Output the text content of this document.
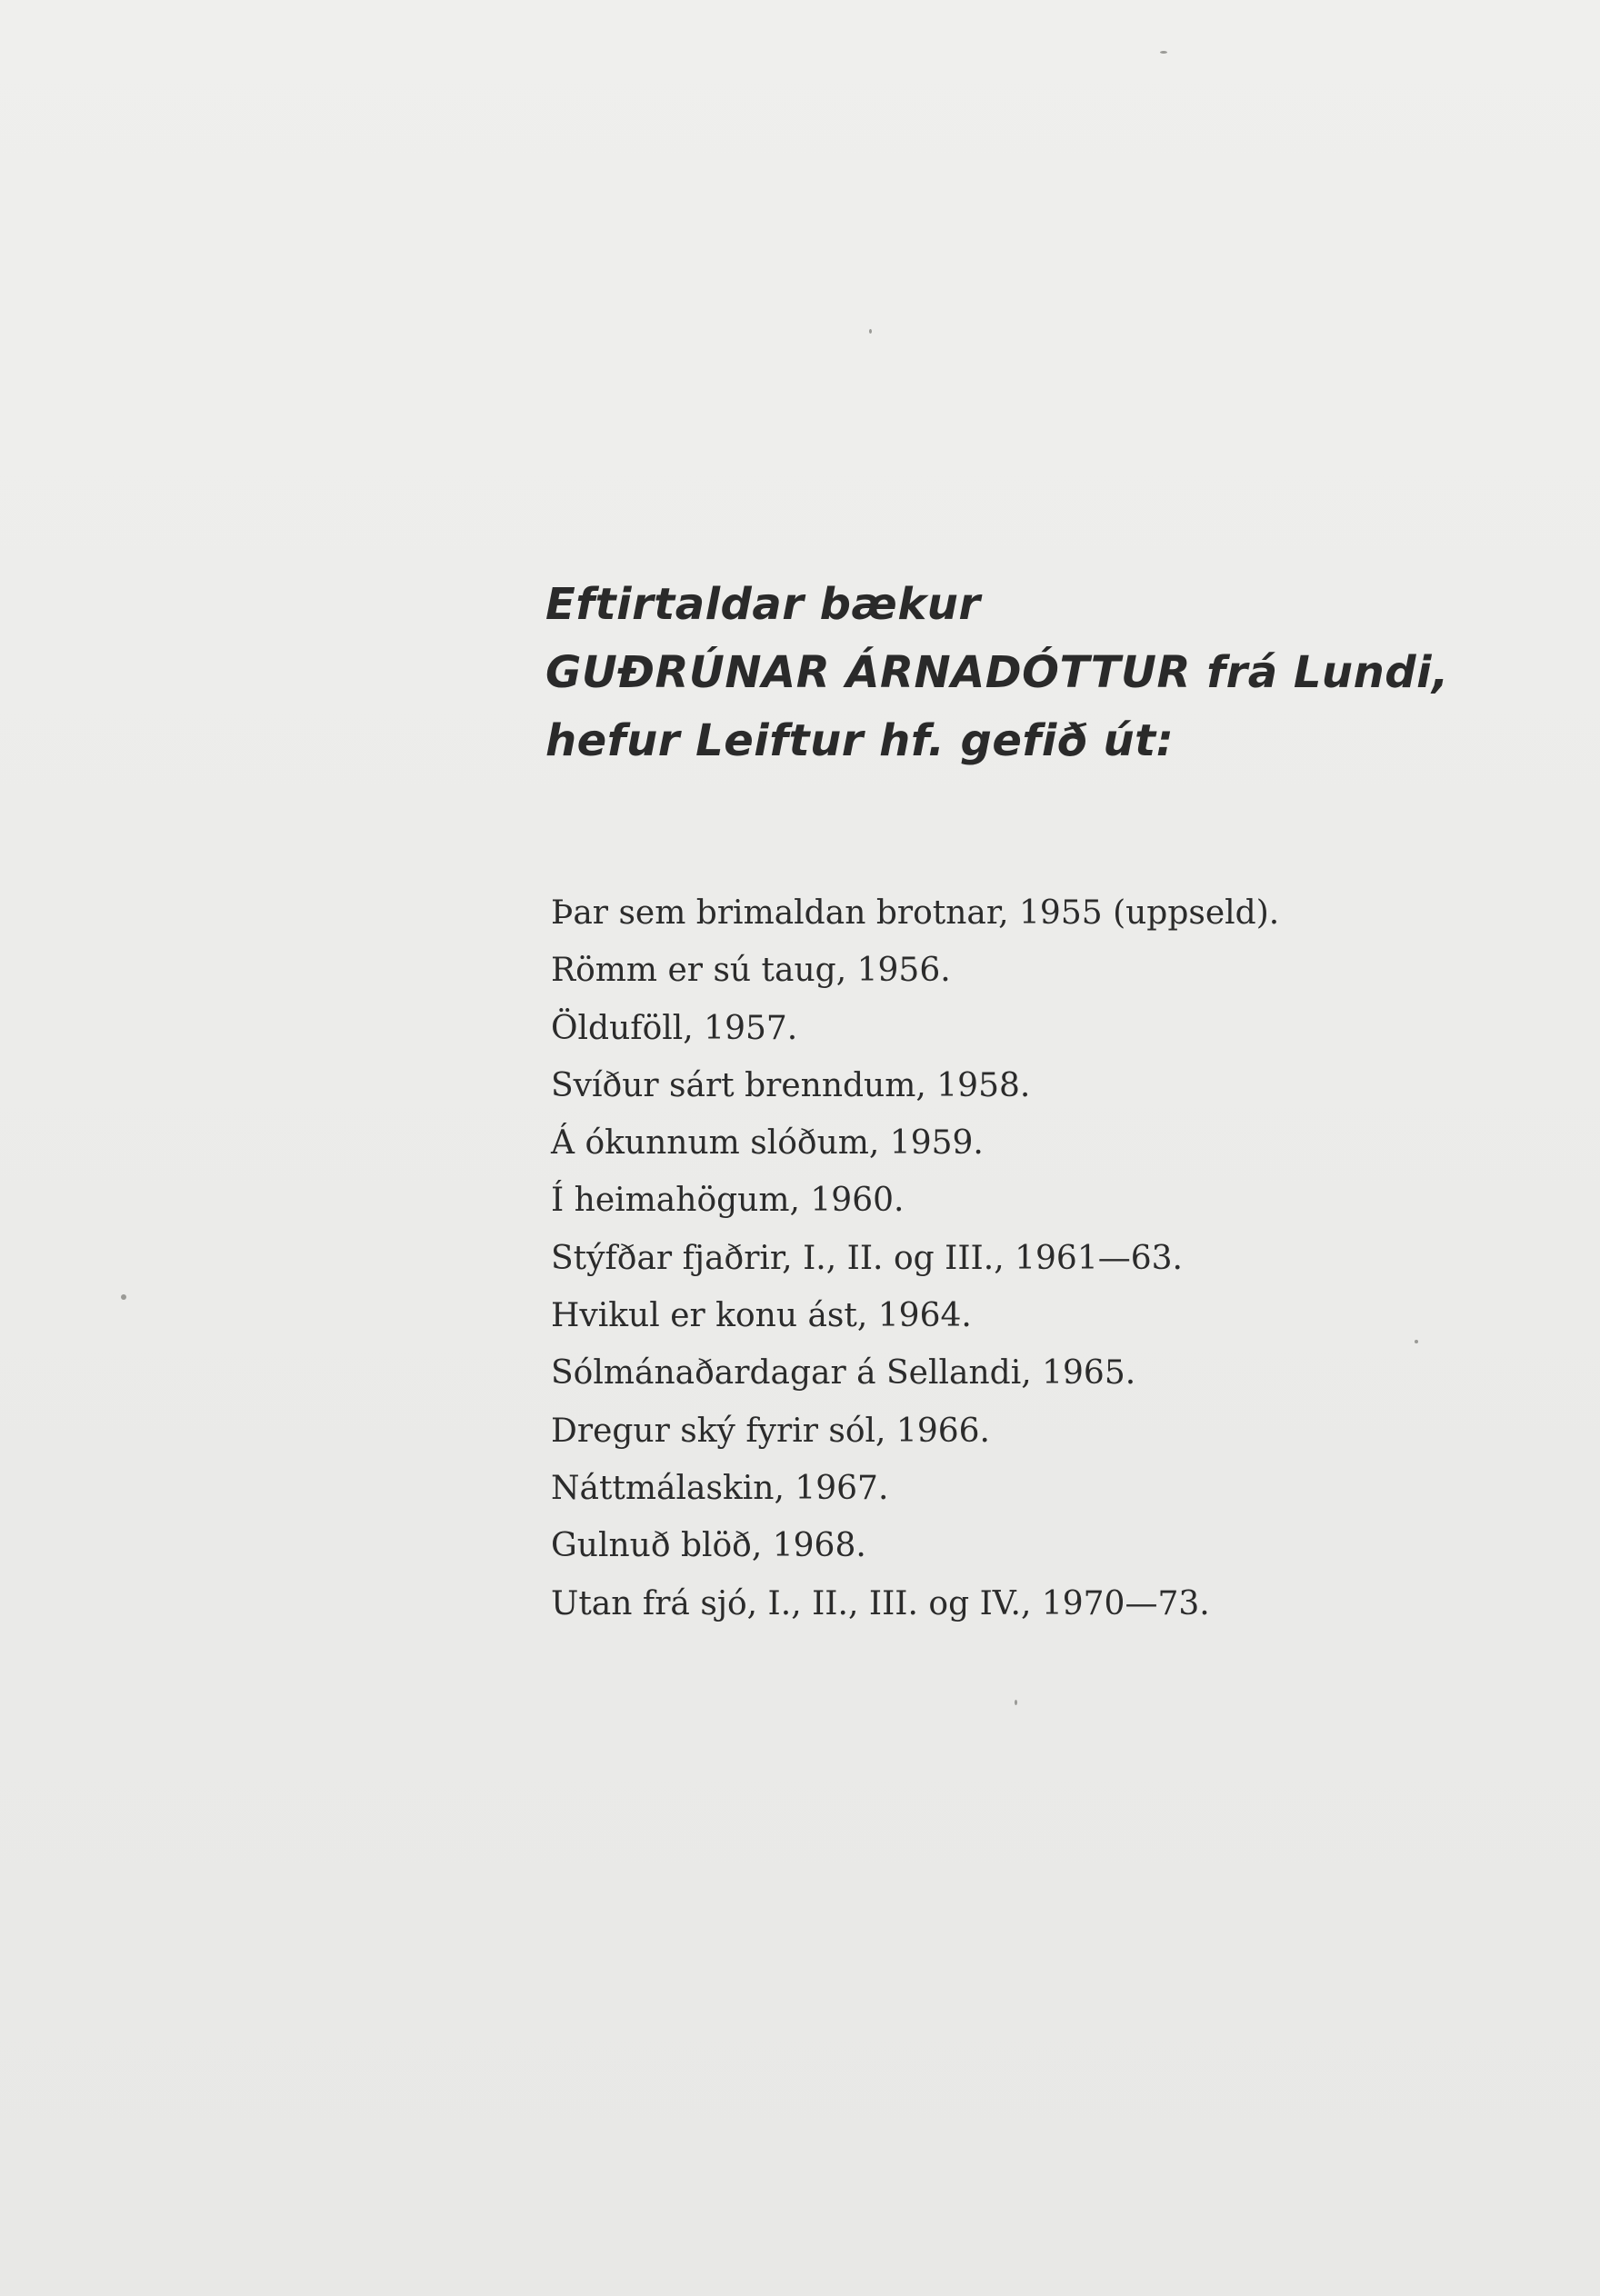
Eftirtaldar bækur
GUÐRÚNAR ÁRNADÓTTUR frá Lundi,
hefur Leiftur hf. gefið út:
Þar sem brimaldan brotnar, 1955 (uppseld).
Römm er sú taug, 1956.
Ölduföll, 1957.
Svíður sárt brenndum, 1958.
Á ókunnum slóðum, 1959.
Í heimahögum, 1960.
Stýfðar fjaðrir, I., II. og III., 1961—63.
Hvikul er konu ást, 1964.
Sólmánaðardagar á Sellandi, 1965.
Dregur ský fyrir sól, 1966.
Náttmálaskin, 1967.
Gulnuð blöð, 1968.
Utan frá sjó, I., II., III. og IV., 1970—73.
